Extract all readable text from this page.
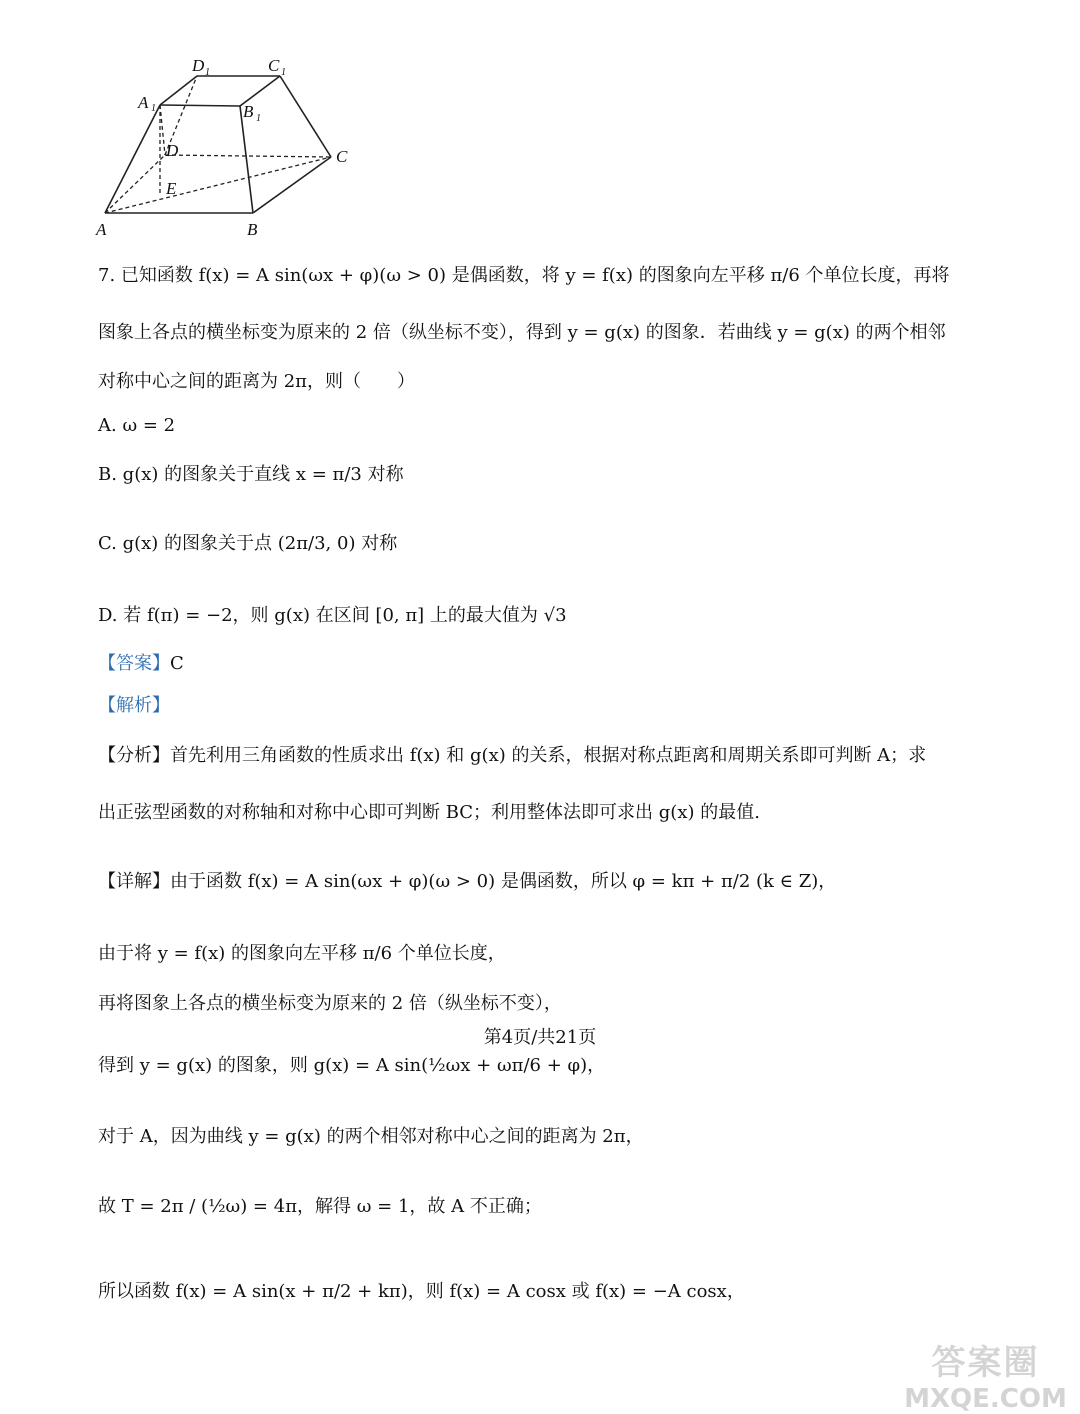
A	B
C
D
E
A 1	B 1
C 1
D 1
7. 已知函数 f(x) = A sin(ωx + φ)(ω > 0) 是偶函数，将 y = f(x) 的图象向左平移 π/6 个单位长度，再将
图象上各点的横坐标变为原来的 2 倍（纵坐标不变），得到 y = g(x) 的图象．若曲线 y = g(x) 的两个相邻
对称中心之间的距离为 2π，则（　　）
A. ω = 2
B. g(x) 的图象关于直线 x = π/3 对称
C. g(x) 的图象关于点 (2π/3, 0) 对称
D. 若 f(π) = −2，则 g(x) 在区间 [0, π] 上的最大值为 √3
【答案】C
【解析】
【分析】首先利用三角函数的性质求出 f(x) 和 g(x) 的关系，根据对称点距离和周期关系即可判断 A；求
出正弦型函数的对称轴和对称中心即可判断 BC；利用整体法即可求出 g(x) 的最值.
【详解】由于函数 f(x) = A sin(ωx + φ)(ω > 0) 是偶函数，所以 φ = kπ + π/2 (k ∈ Z)，
由于将 y = f(x) 的图象向左平移 π/6 个单位长度，
再将图象上各点的横坐标变为原来的 2 倍（纵坐标不变），
得到 y = g(x) 的图象，则 g(x) = A sin(½ωx + ωπ/6 + φ)，
对于 A，因为曲线 y = g(x) 的两个相邻对称中心之间的距离为 2π，
故 T = 2π / (½ω) = 4π，解得 ω = 1，故 A 不正确；
所以函数 f(x) = A sin(x + π/2 + kπ)，则 f(x) = A cosx 或 f(x) = −A cosx，
第4页/共21页
答案圈
MXQE.COM
